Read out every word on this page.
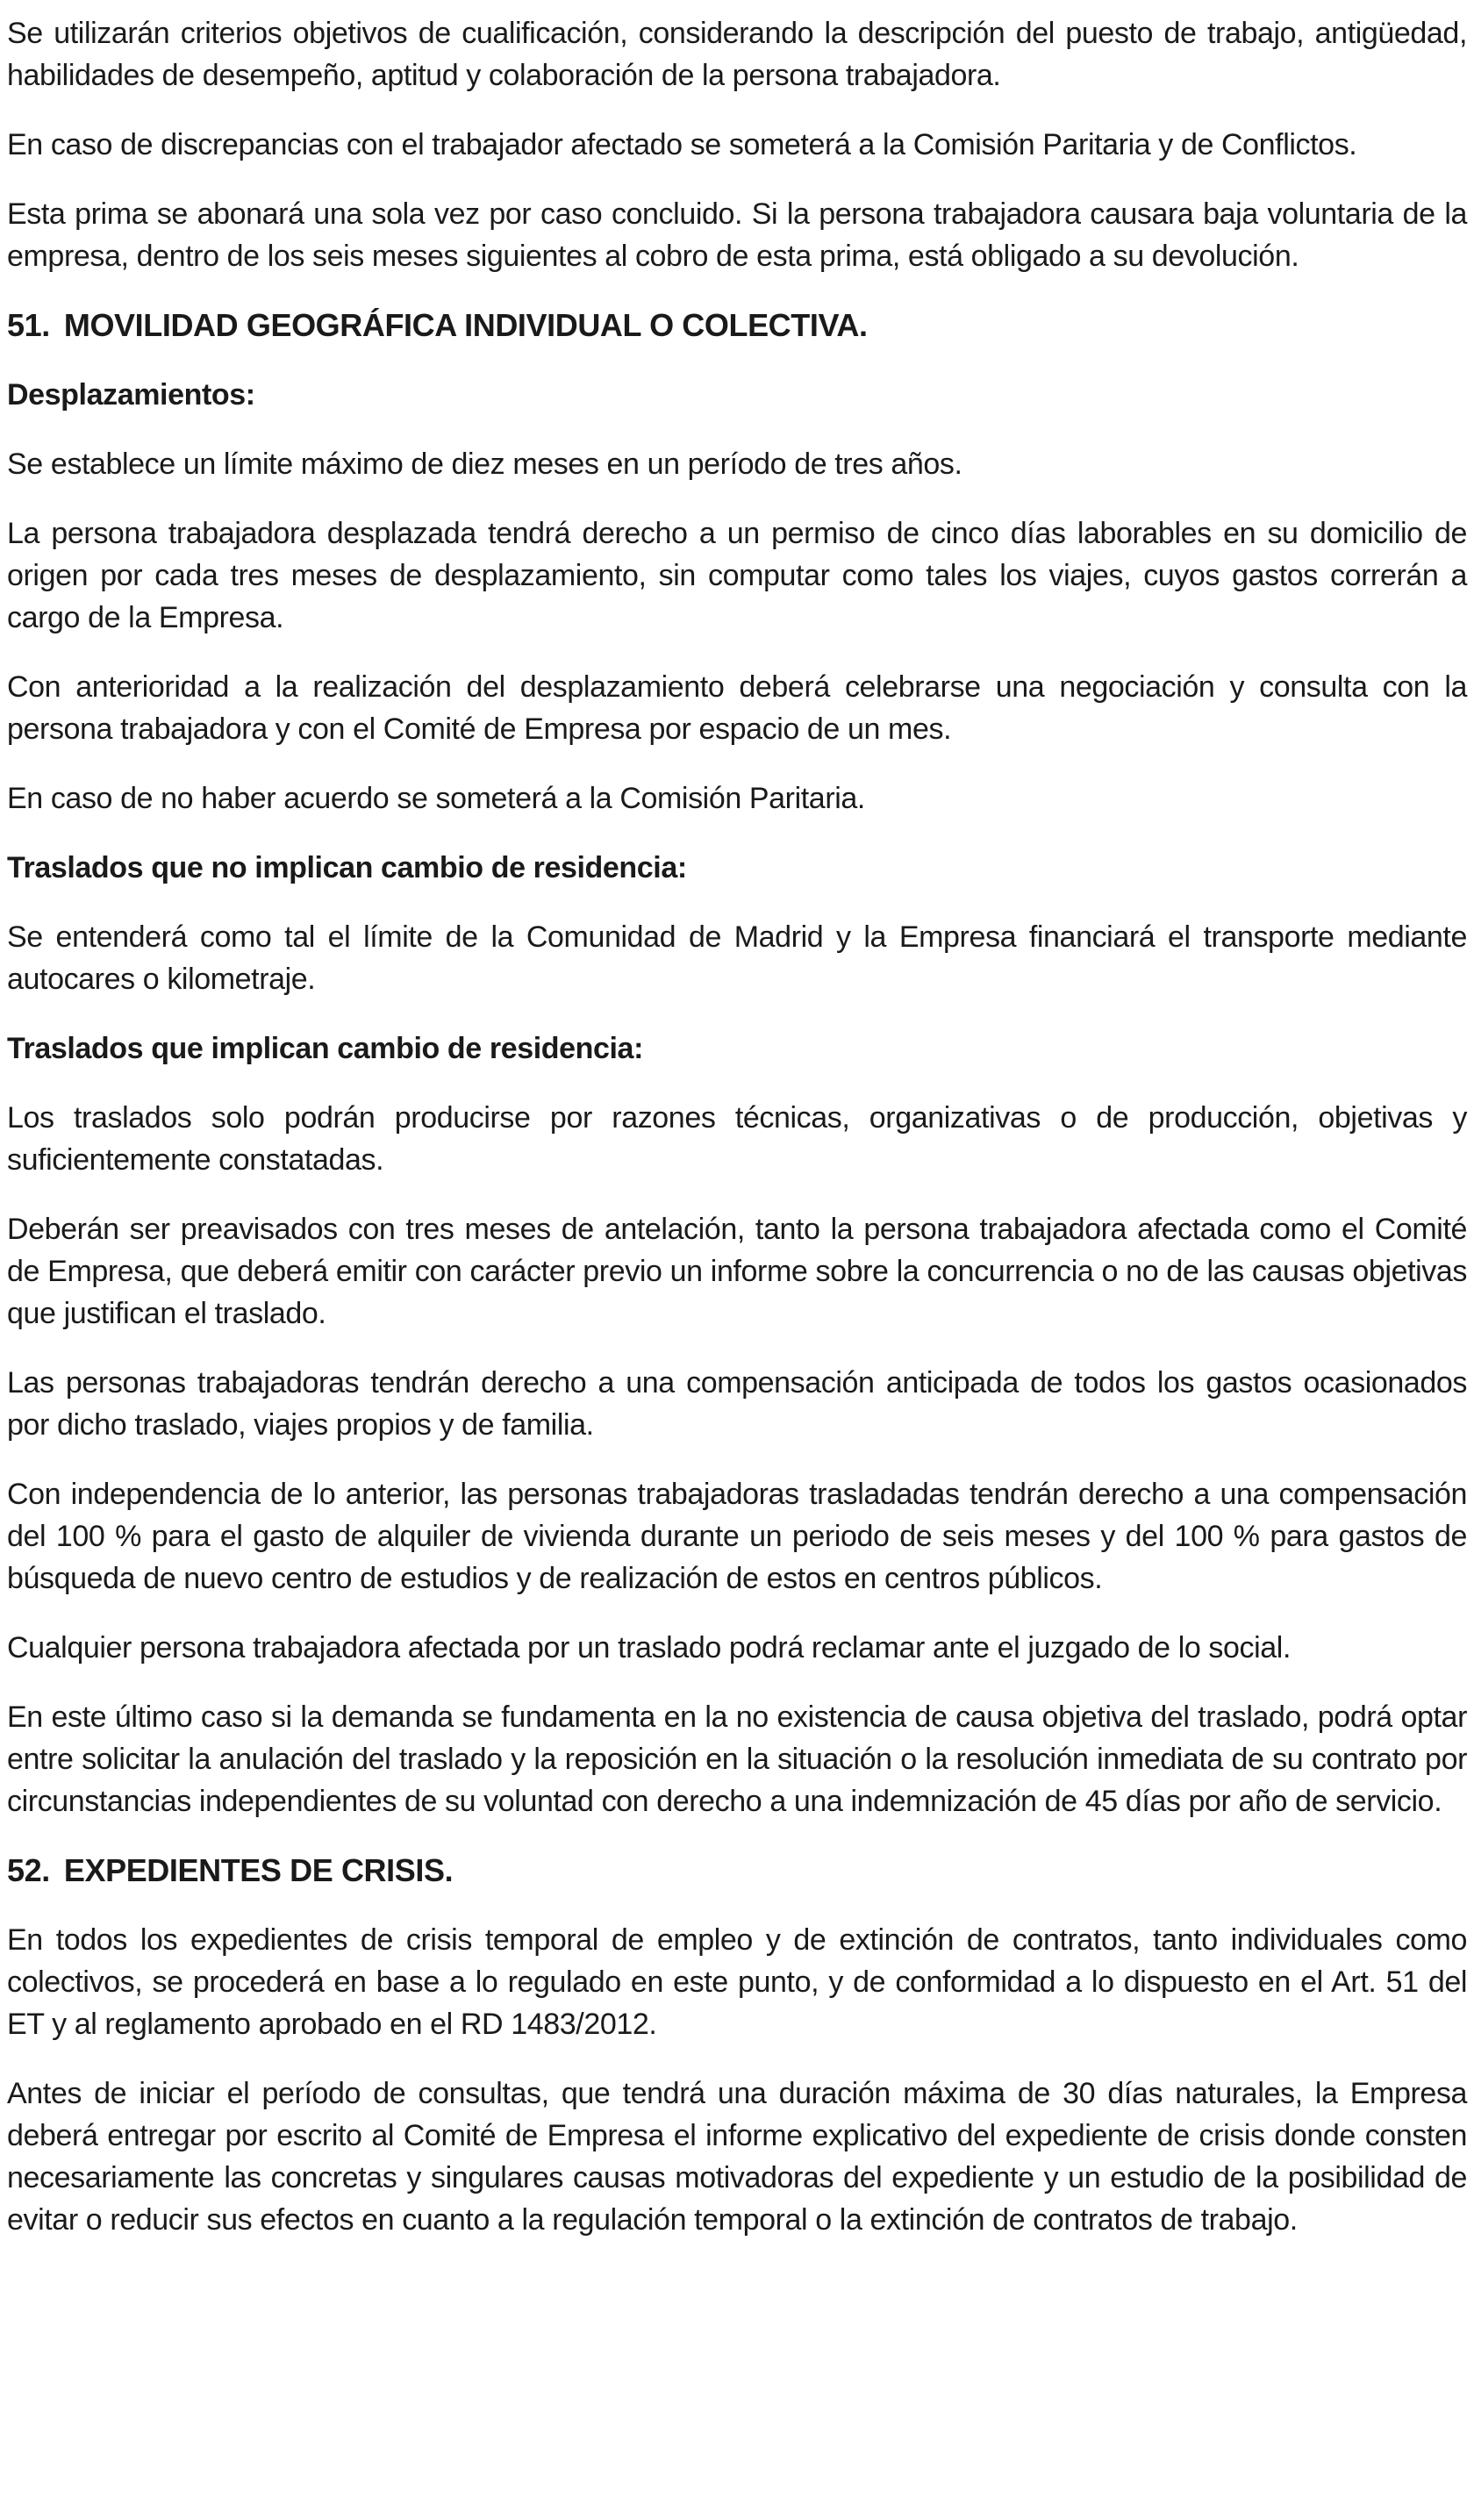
Se utilizarán criterios objetivos de cualificación, considerando la descripción del puesto de trabajo, antigüedad, habilidades de desempeño, aptitud y colaboración de la persona trabajadora.

En caso de discrepancias con el trabajador afectado se someterá a la Comisión Paritaria y de Conflictos.

Esta prima se abonará una sola vez por caso concluido. Si la persona trabajadora causara baja voluntaria de la empresa, dentro de los seis meses siguientes al cobro de esta prima, está obligado a su devolución.

51. MOVILIDAD GEOGRÁFICA INDIVIDUAL O COLECTIVA.
Desplazamientos:

Se establece un límite máximo de diez meses en un período de tres años.

La persona trabajadora desplazada tendrá derecho a un permiso de cinco días laborables en su domicilio de origen por cada tres meses de desplazamiento, sin computar como tales los viajes, cuyos gastos correrán a cargo de la Empresa.

Con anterioridad a la realización del desplazamiento deberá celebrarse una negociación y consulta con la persona trabajadora y con el Comité de Empresa por espacio de un mes.

En caso de no haber acuerdo se someterá a la Comisión Paritaria.

Traslados que no implican cambio de residencia:

Se entenderá como tal el límite de la Comunidad de Madrid y la Empresa financiará el transporte mediante autocares o kilometraje.

Traslados que implican cambio de residencia:

Los traslados solo podrán producirse por razones técnicas, organizativas o de producción, objetivas y suficientemente constatadas.

Deberán ser preavisados con tres meses de antelación, tanto la persona trabajadora afectada como el Comité de Empresa, que deberá emitir con carácter previo un informe sobre la concurrencia o no de las causas objetivas que justifican el traslado.

Las personas trabajadoras tendrán derecho a una compensación anticipada de todos los gastos ocasionados por dicho traslado, viajes propios y de familia.

Con independencia de lo anterior, las personas trabajadoras trasladadas tendrán derecho a una compensación del 100 % para el gasto de alquiler de vivienda durante un periodo de seis meses y del 100 % para gastos de búsqueda de nuevo centro de estudios y de realización de estos en centros públicos.

Cualquier persona trabajadora afectada por un traslado podrá reclamar ante el juzgado de lo social.

En este último caso si la demanda se fundamenta en la no existencia de causa objetiva del traslado, podrá optar entre solicitar la anulación del traslado y la reposición en la situación o la resolución inmediata de su contrato por circunstancias independientes de su voluntad con derecho a una indemnización de 45 días por año de servicio.

52. EXPEDIENTES DE CRISIS.

En todos los expedientes de crisis temporal de empleo y de extinción de contratos, tanto individuales como colectivos, se procederá en base a lo regulado en este punto, y de conformidad a lo dispuesto en el Art. 51 del ET y al reglamento aprobado en el RD 1483/2012.

Antes de iniciar el período de consultas, que tendrá una duración máxima de 30 días naturales, la Empresa deberá entregar por escrito al Comité de Empresa el informe explicativo del expediente de crisis donde consten necesariamente las concretas y singulares causas motivadoras del expediente y un estudio de la posibilidad de evitar o reducir sus efectos en cuanto a la regulación temporal o la extinción de contratos de trabajo.
